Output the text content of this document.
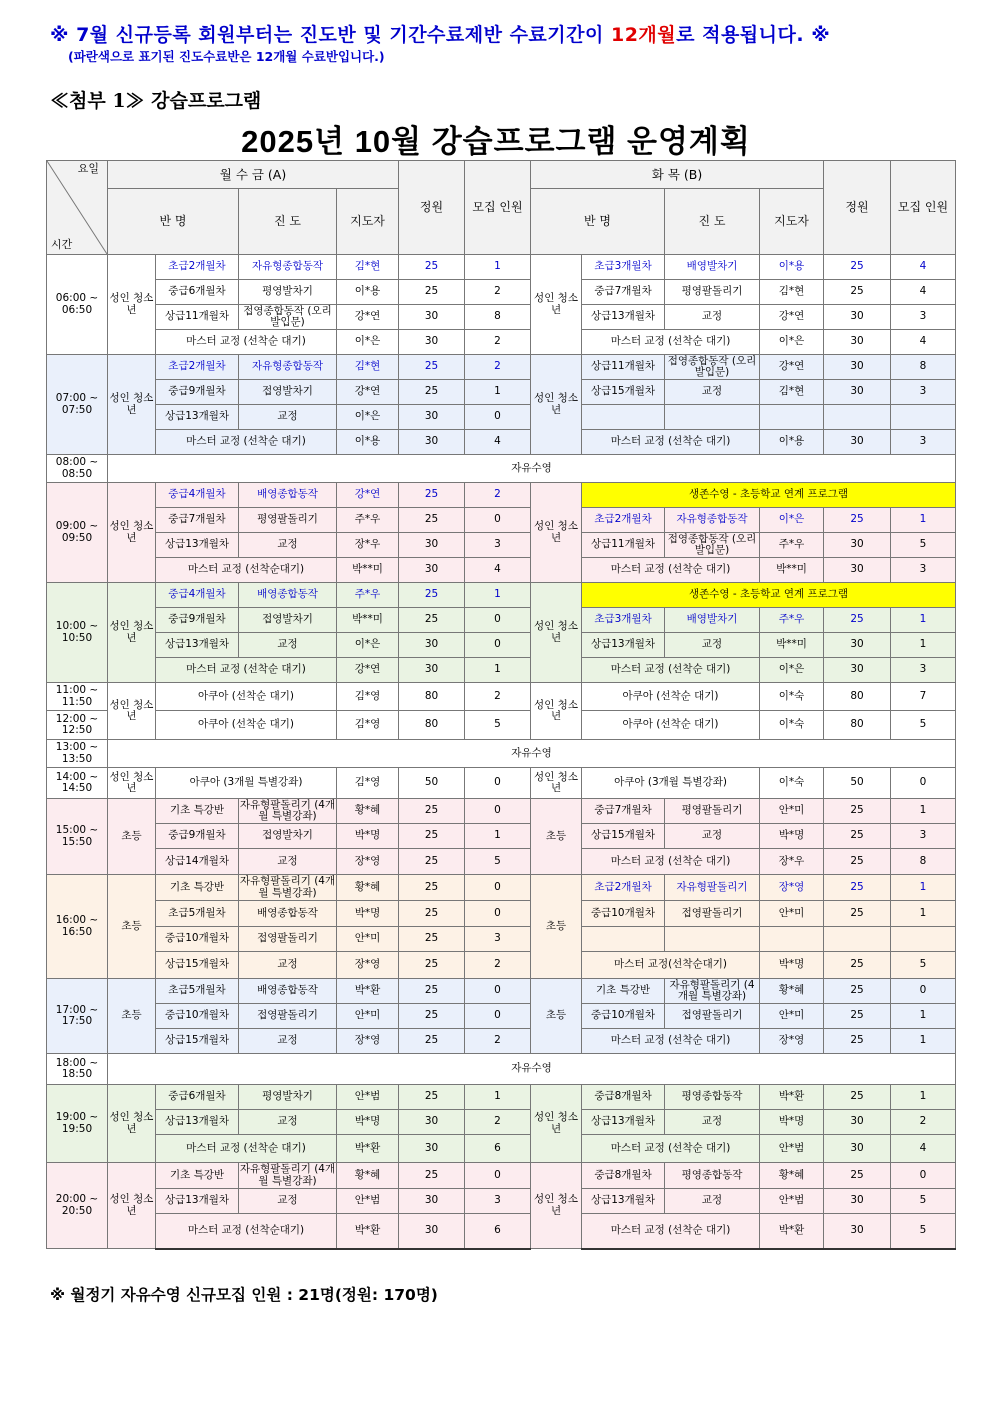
※ 7월 신규등록 회원부터는 진도반 및 기간수료제반 수료기간이 12개월로 적용됩니다. ※
(파란색으로 표기된 진도수료반은 12개월 수료반입니다.)
≪첨부 1≫ 강습프로그램
2025년 10월 강습프로그램 운영계획
요일
시간	월 수 금 (A)				정원	모집 인원	화 목 (B)				정원	모집 인원
	반 명		진 도	지도자			반 명		진 도	지도자		
06:00 ~ 06:50	성인 청소년	초급2개월차	자유형종합동작	김*현	25	1	성인 청소년	초급3개월차	배영발차기	이*용	25	4
		중급6개월차	평영발차기	이*용	25	2		중급7개월차	평영팔돌리기	김*현	25	4
		상급11개월차	접영종합동작 (오리발입문)	강*연	30	8		상급13개월차	교정	강*연	30	3
		마스터 교정 (선착순 대기)		이*은	30	2		마스터 교정 (선착순 대기)		이*은	30	4
07:00 ~ 07:50	성인 청소년	초급2개월차	자유형종합동작	김*현	25	2	성인 청소년	상급11개월차	접영종합동작 (오리발입문)	강*연	30	8
		중급9개월차	접영발차기	강*연	25	1		상급15개월차	교정	김*현	30	3
		상급13개월차	교정	이*은	30	0						
		마스터 교정 (선착순 대기)		이*용	30	4		마스터 교정 (선착순 대기)		이*용	30	3
08:00 ~ 08:50	자유수영											
09:00 ~ 09:50	성인 청소년	중급4개월차	배영종합동작	강*연	25	2	성인 청소년	생존수영 - 초등학교 연계 프로그램				
		중급7개월차	평영팔돌리기	주*우	25	0		초급2개월차	자유형종합동작	이*은	25	1
		상급13개월차	교정	장*우	30	3		상급11개월차	접영종합동작 (오리발입문)	주*우	30	5
		마스터 교정 (선착순대기)		박**미	30	4		마스터 교정 (선착순 대기)		박**미	30	3
10:00 ~ 10:50	성인 청소년	중급4개월차	배영종합동작	주*우	25	1	성인 청소년	생존수영 - 초등학교 연계 프로그램				
		중급9개월차	접영발차기	박**미	25	0		초급3개월차	배영발차기	주*우	25	1
		상급13개월차	교정	이*은	30	0		상급13개월차	교정	박**미	30	1
		마스터 교정 (선착순 대기)		강*연	30	1		마스터 교정 (선착순 대기)		이*은	30	3
11:00 ~ 11:50	성인 청소년	아쿠아 (선착순 대기)		김*영	80	2	성인 청소년	아쿠아 (선착순 대기)		이*숙	80	7
12:00 ~ 12:50		아쿠아 (선착순 대기)		김*영	80	5		아쿠아 (선착순 대기)		이*숙	80	5
13:00 ~ 13:50	자유수영											
14:00 ~ 14:50	성인 청소년	아쿠아 (3개월 특별강좌)		김*영	50	0	성인 청소년	아쿠아 (3개월 특별강좌)		이*숙	50	0
15:00 ~ 15:50	초등	기초 특강반	자유형팔돌리기 (4개월 특별강좌)	황*혜	25	0	초등	중급7개월차	평영팔돌리기	안*미	25	1
		중급9개월차	접영발차기	박*명	25	1		상급15개월차	교정	박*명	25	3
		상급14개월차	교정	장*영	25	5		마스터 교정 (선착순 대기)		장*우	25	8
16:00 ~ 16:50	초등	기초 특강반	자유형팔돌리기 (4개월 특별강좌)	황*혜	25	0	초등	초급2개월차	자유형팔돌리기	장*영	25	1
		초급5개월차	배영종합동작	박*명	25	0		중급10개월차	접영팔돌리기	안*미	25	1
		중급10개월차	접영팔돌리기	안*미	25	3						
		상급15개월차	교정	장*영	25	2		마스터 교정(선착순대기)		박*명	25	5
17:00 ~ 17:50	초등	초급5개월차	배영종합동작	박*환	25	0	초등	기초 특강반	자유형팔돌리기 (4개월 특별강좌)	황*혜	25	0
		중급10개월차	접영팔돌리기	안*미	25	0		중급10개월차	접영팔돌리기	안*미	25	1
		상급15개월차	교정	장*영	25	2		마스터 교정 (선착순 대기)		장*영	25	1
18:00 ~ 18:50	자유수영											
19:00 ~ 19:50	성인 청소년	중급6개월차	평영발차기	안*범	25	1	성인 청소년	중급8개월차	평영종합동작	박*환	25	1
		상급13개월차	교정	박*명	30	2		상급13개월차	교정	박*명	30	2
		마스터 교정 (선착순 대기)		박*환	30	6		마스터 교정 (선착순 대기)		안*범	30	4
20:00 ~ 20:50	성인 청소년	기초 특강반	자유형팔돌리기 (4개월 특별강좌)	황*혜	25	0	성인 청소년	중급8개월차	평영종합동작	황*혜	25	0
		상급13개월차	교정	안*범	30	3		상급13개월차	교정	안*범	30	5
		마스터 교정 (선착순대기)		박*환	30	6		마스터 교정 (선착순 대기)		박*환	30	5
※ 월정기 자유수영 신규모집 인원 : 21명(정원: 170명)
